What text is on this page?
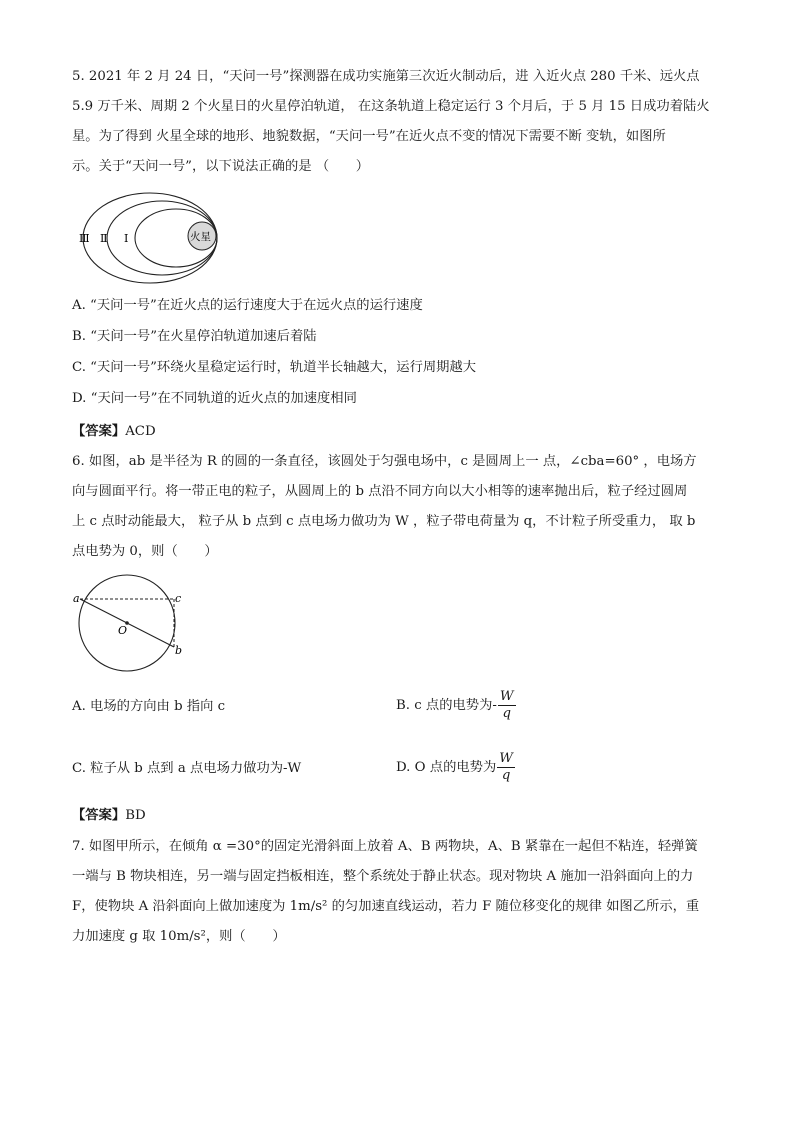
5. 2021 年 2 月 24 日，“天问一号”探测器在成功实施第三次近火制动后，进 入近火点 280 千米、远火点

5.9 万千米、周期 2 个火星日的火星停泊轨道， 在这条轨道上稳定运行 3 个月后，于 5 月 15 日成功着陆火

星。为了得到 火星全球的地形、地貌数据，“天问一号”在近火点不变的情况下需要不断 变轨，如图所

示。关于“天问一号”，以下说法正确的是 （　　）

Ⅲ Ⅱ Ⅰ	火星

A. “天问一号”在近火点的运行速度大于在远火点的运行速度

B. “天问一号”在火星停泊轨道加速后着陆

C. “天问一号”环绕火星稳定运行时，轨道半长轴越大，运行周期越大

D. “天问一号”在不同轨道的近火点的加速度相同

【答案】ACD

6. 如图，ab 是半径为 R 的圆的一条直径，该圆处于匀强电场中，c 是圆周上一 点，∠cba=60° ，电场方

向与圆面平行。将一带正电的粒子，从圆周上的 b 点沿不同方向以大小相等的速率抛出后，粒子经过圆周

上 c 点时动能最大， 粒子从 b 点到 c 点电场力做功为 W ，粒子带电荷量为 q，不计粒子所受重力， 取 b

点电势为 0，则（　　）

a	c
b
O

A. 电场的方向由 b 指向 c	B. c 点的电势为- $\frac{W}{q}$

C. 粒子从 b 点到 a 点电场力做功为-W	D. O 点的电势为 $\frac{W}{q}$
【答案】BD

7. 如图甲所示，在倾角 α =30°的固定光滑斜面上放着 A、B 两物块，A、B 紧靠在一起但不粘连，轻弹簧

一端与 B 物块相连，另一端与固定挡板相连，整个系统处于静止状态。现对物块 A 施加一沿斜面向上的力

F，使物块 A 沿斜面向上做加速度为 1m/s² 的匀加速直线运动，若力 F 随位移变化的规律 如图乙所示，重

力加速度 g 取 10m/s²，则（　　）
